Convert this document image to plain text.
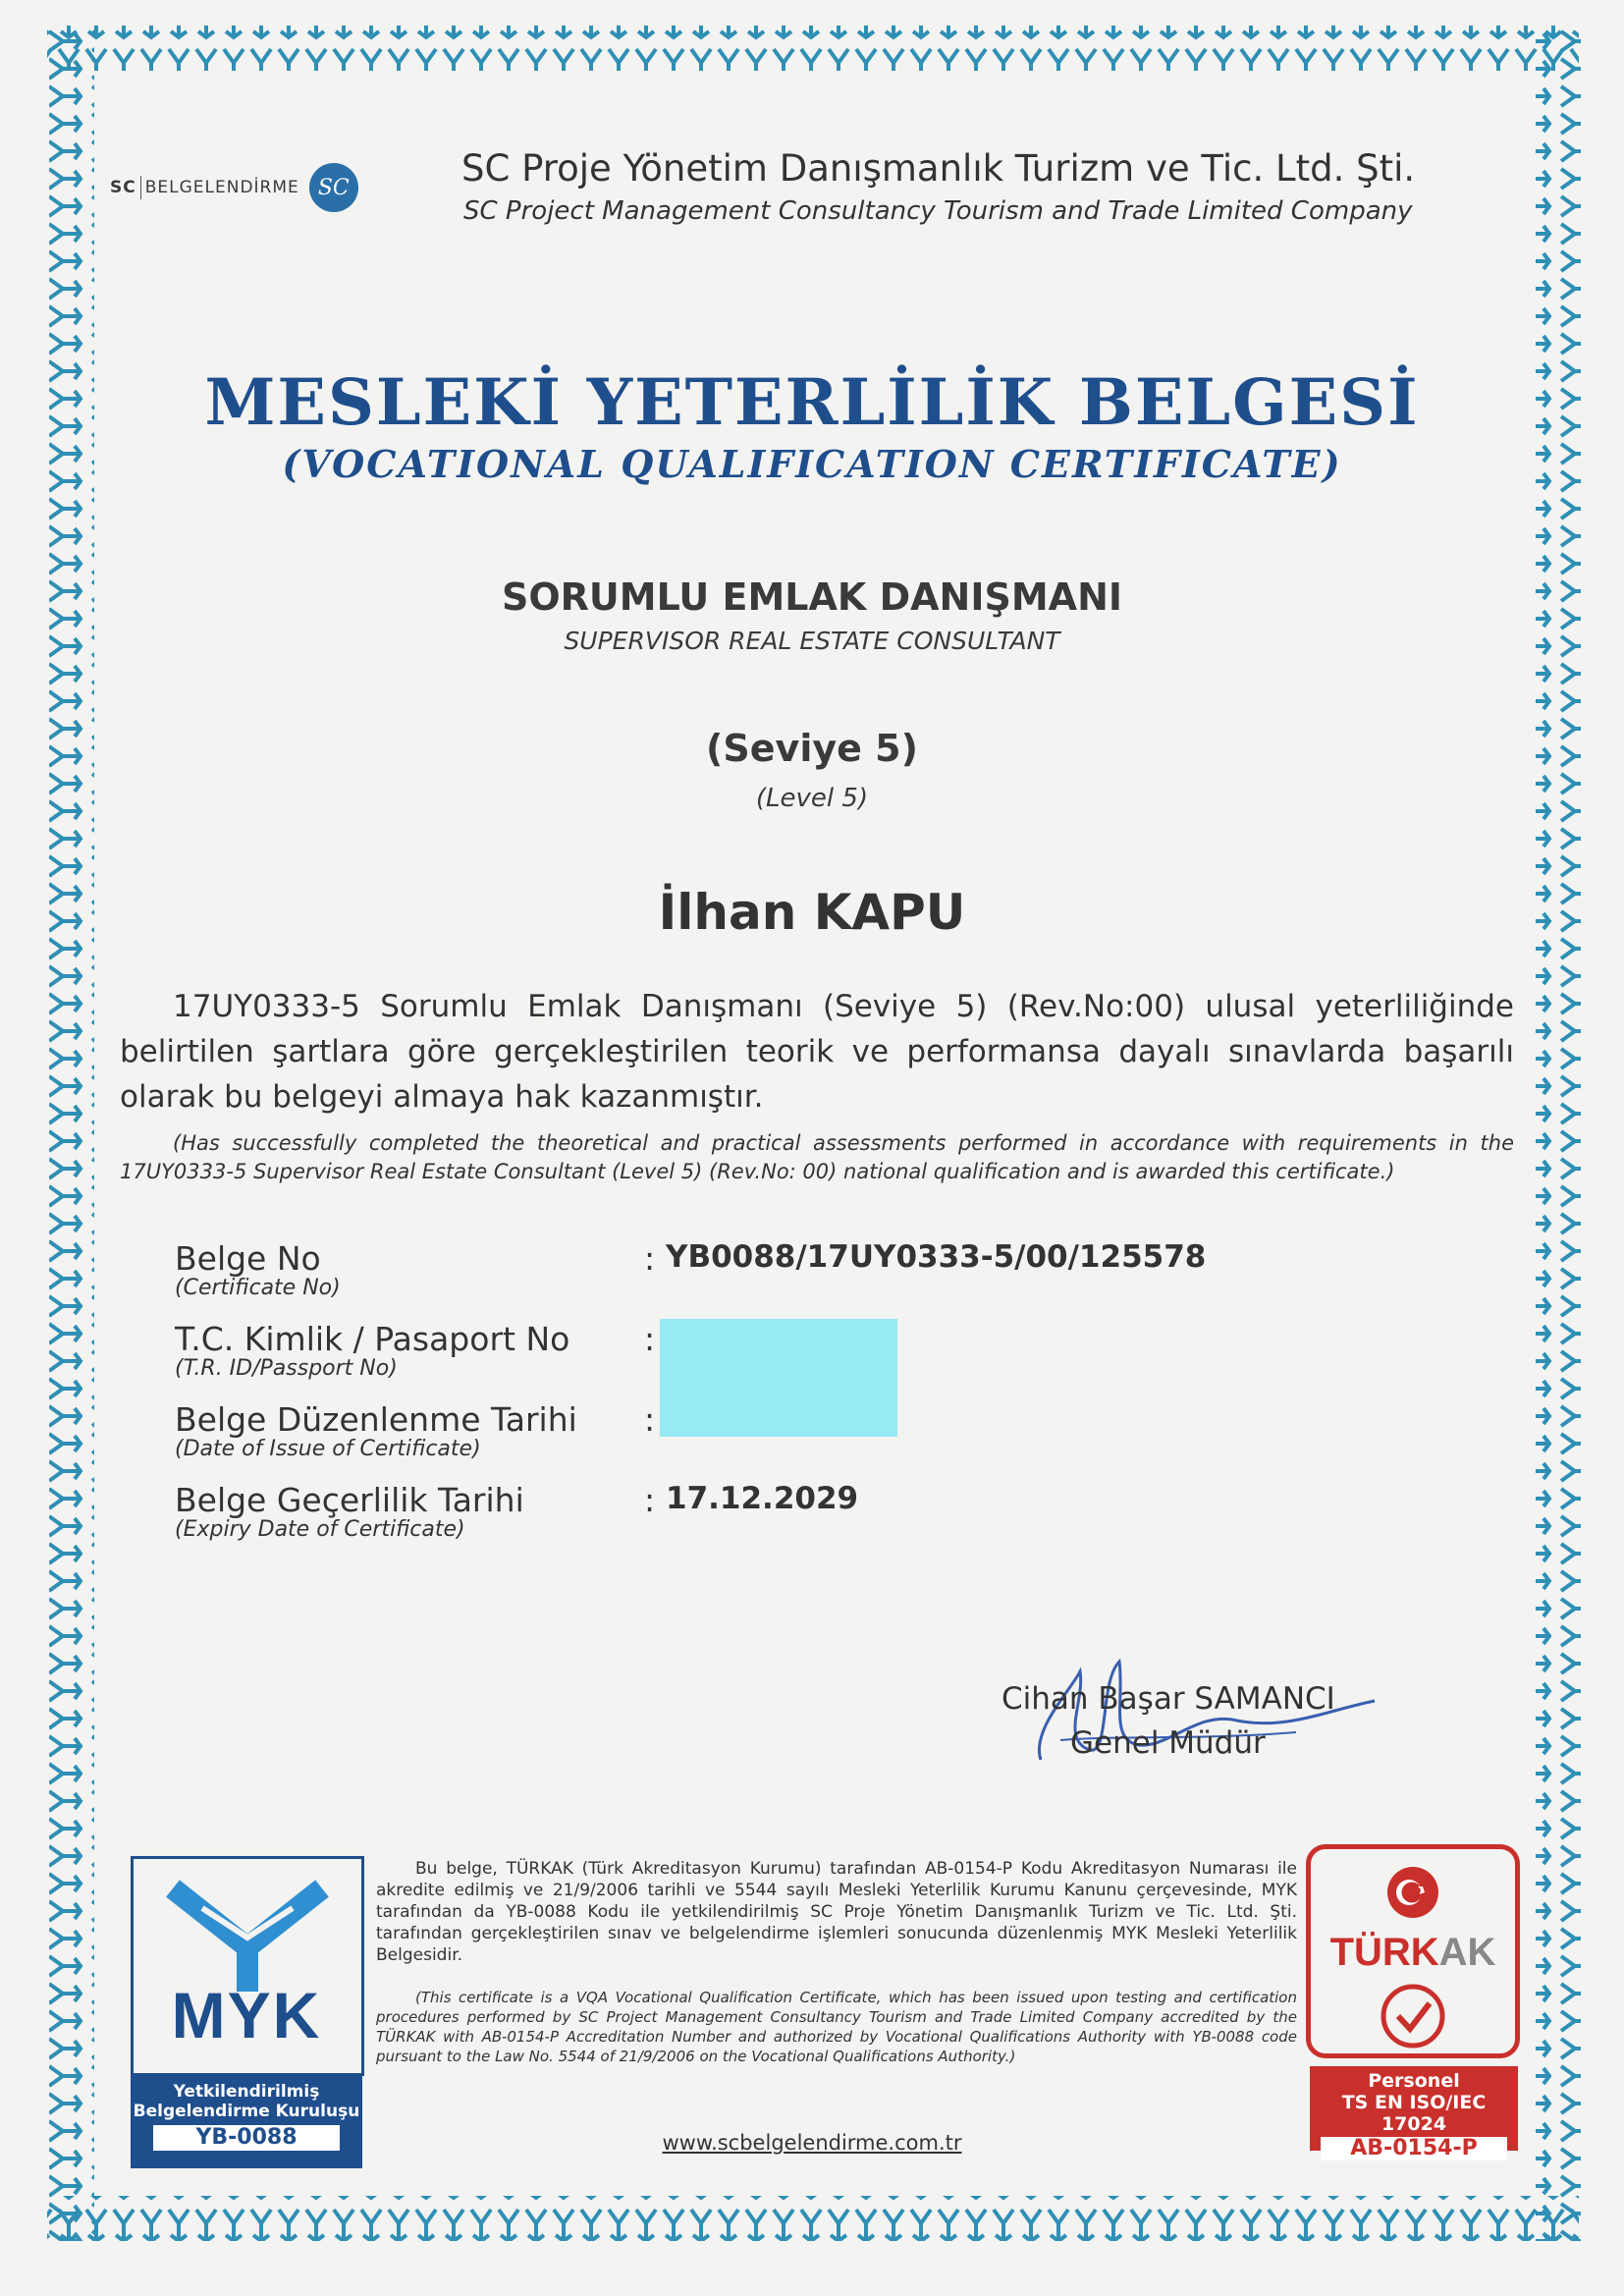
SC BELGELENDİRME SC	SC Proje Yönetim Danışmanlık Turizm ve Tic. Ltd. Şti.
SC Project Management Consultancy Tourism and Trade Limited Company
MESLEKİ YETERLİLİK BELGESİ
(VOCATIONAL QUALIFICATION CERTIFICATE)
SORUMLU EMLAK DANIŞMANI
SUPERVISOR REAL ESTATE CONSULTANT
(Seviye 5)
(Level 5)
İlhan KAPU
17UY0333-5 Sorumlu Emlak Danışmanı (Seviye 5) (Rev.No:00) ulusal yeterliliğinde belirtilen şartlara göre gerçekleştirilen teorik ve performansa dayalı sınavlarda başarılı olarak bu belgeyi almaya hak kazanmıştır.
(Has successfully completed the theoretical and practical assessments performed in accordance with requirements in the 17UY0333-5 Supervisor Real Estate Consultant (Level 5) (Rev.No: 00) national qualification and is awarded this certificate.)
Belge No
(Certificate No)
: YB0088/17UY0333-5/00/125578
T.C. Kimlik / Pasaport No
(T.R. ID/Passport No)
:
Belge Düzenlenme Tarihi
(Date of Issue of Certificate)
:
Belge Geçerlilik Tarihi
(Expiry Date of Certificate)
: 17.12.2029
Cihan Başar SAMANCI
Genel Müdür
MYK
Yetkilendirilmiş
Belgelendirme Kuruluşu
YB-0088
Bu belge, TÜRKAK (Türk Akreditasyon Kurumu) tarafından AB-0154-P Kodu Akreditasyon Numarası ile akredite edilmiş ve 21/9/2006 tarihli ve 5544 sayılı Mesleki Yeterlilik Kurumu Kanunu çerçevesinde, MYK tarafından da YB-0088 Kodu ile yetkilendirilmiş SC Proje Yönetim Danışmanlık Turizm ve Tic. Ltd. Şti. tarafından gerçekleştirilen sınav ve belgelendirme işlemleri sonucunda düzenlenmiş MYK Mesleki Yeterlilik Belgesidir.
(This certificate is a VQA Vocational Qualification Certificate, which has been issued upon testing and certification procedures performed by SC Project Management Consultancy Tourism and Trade Limited Company accredited by the TÜRKAK with AB-0154-P Accreditation Number and authorized by Vocational Qualifications Authority with YB-0088 code pursuant to the Law No. 5544 of 21/9/2006 on the Vocational Qualifications Authority.)
www.scbelgelendirme.com.tr
TÜRKAK
Personel
TS EN ISO/IEC 17024
AB-0154-P
